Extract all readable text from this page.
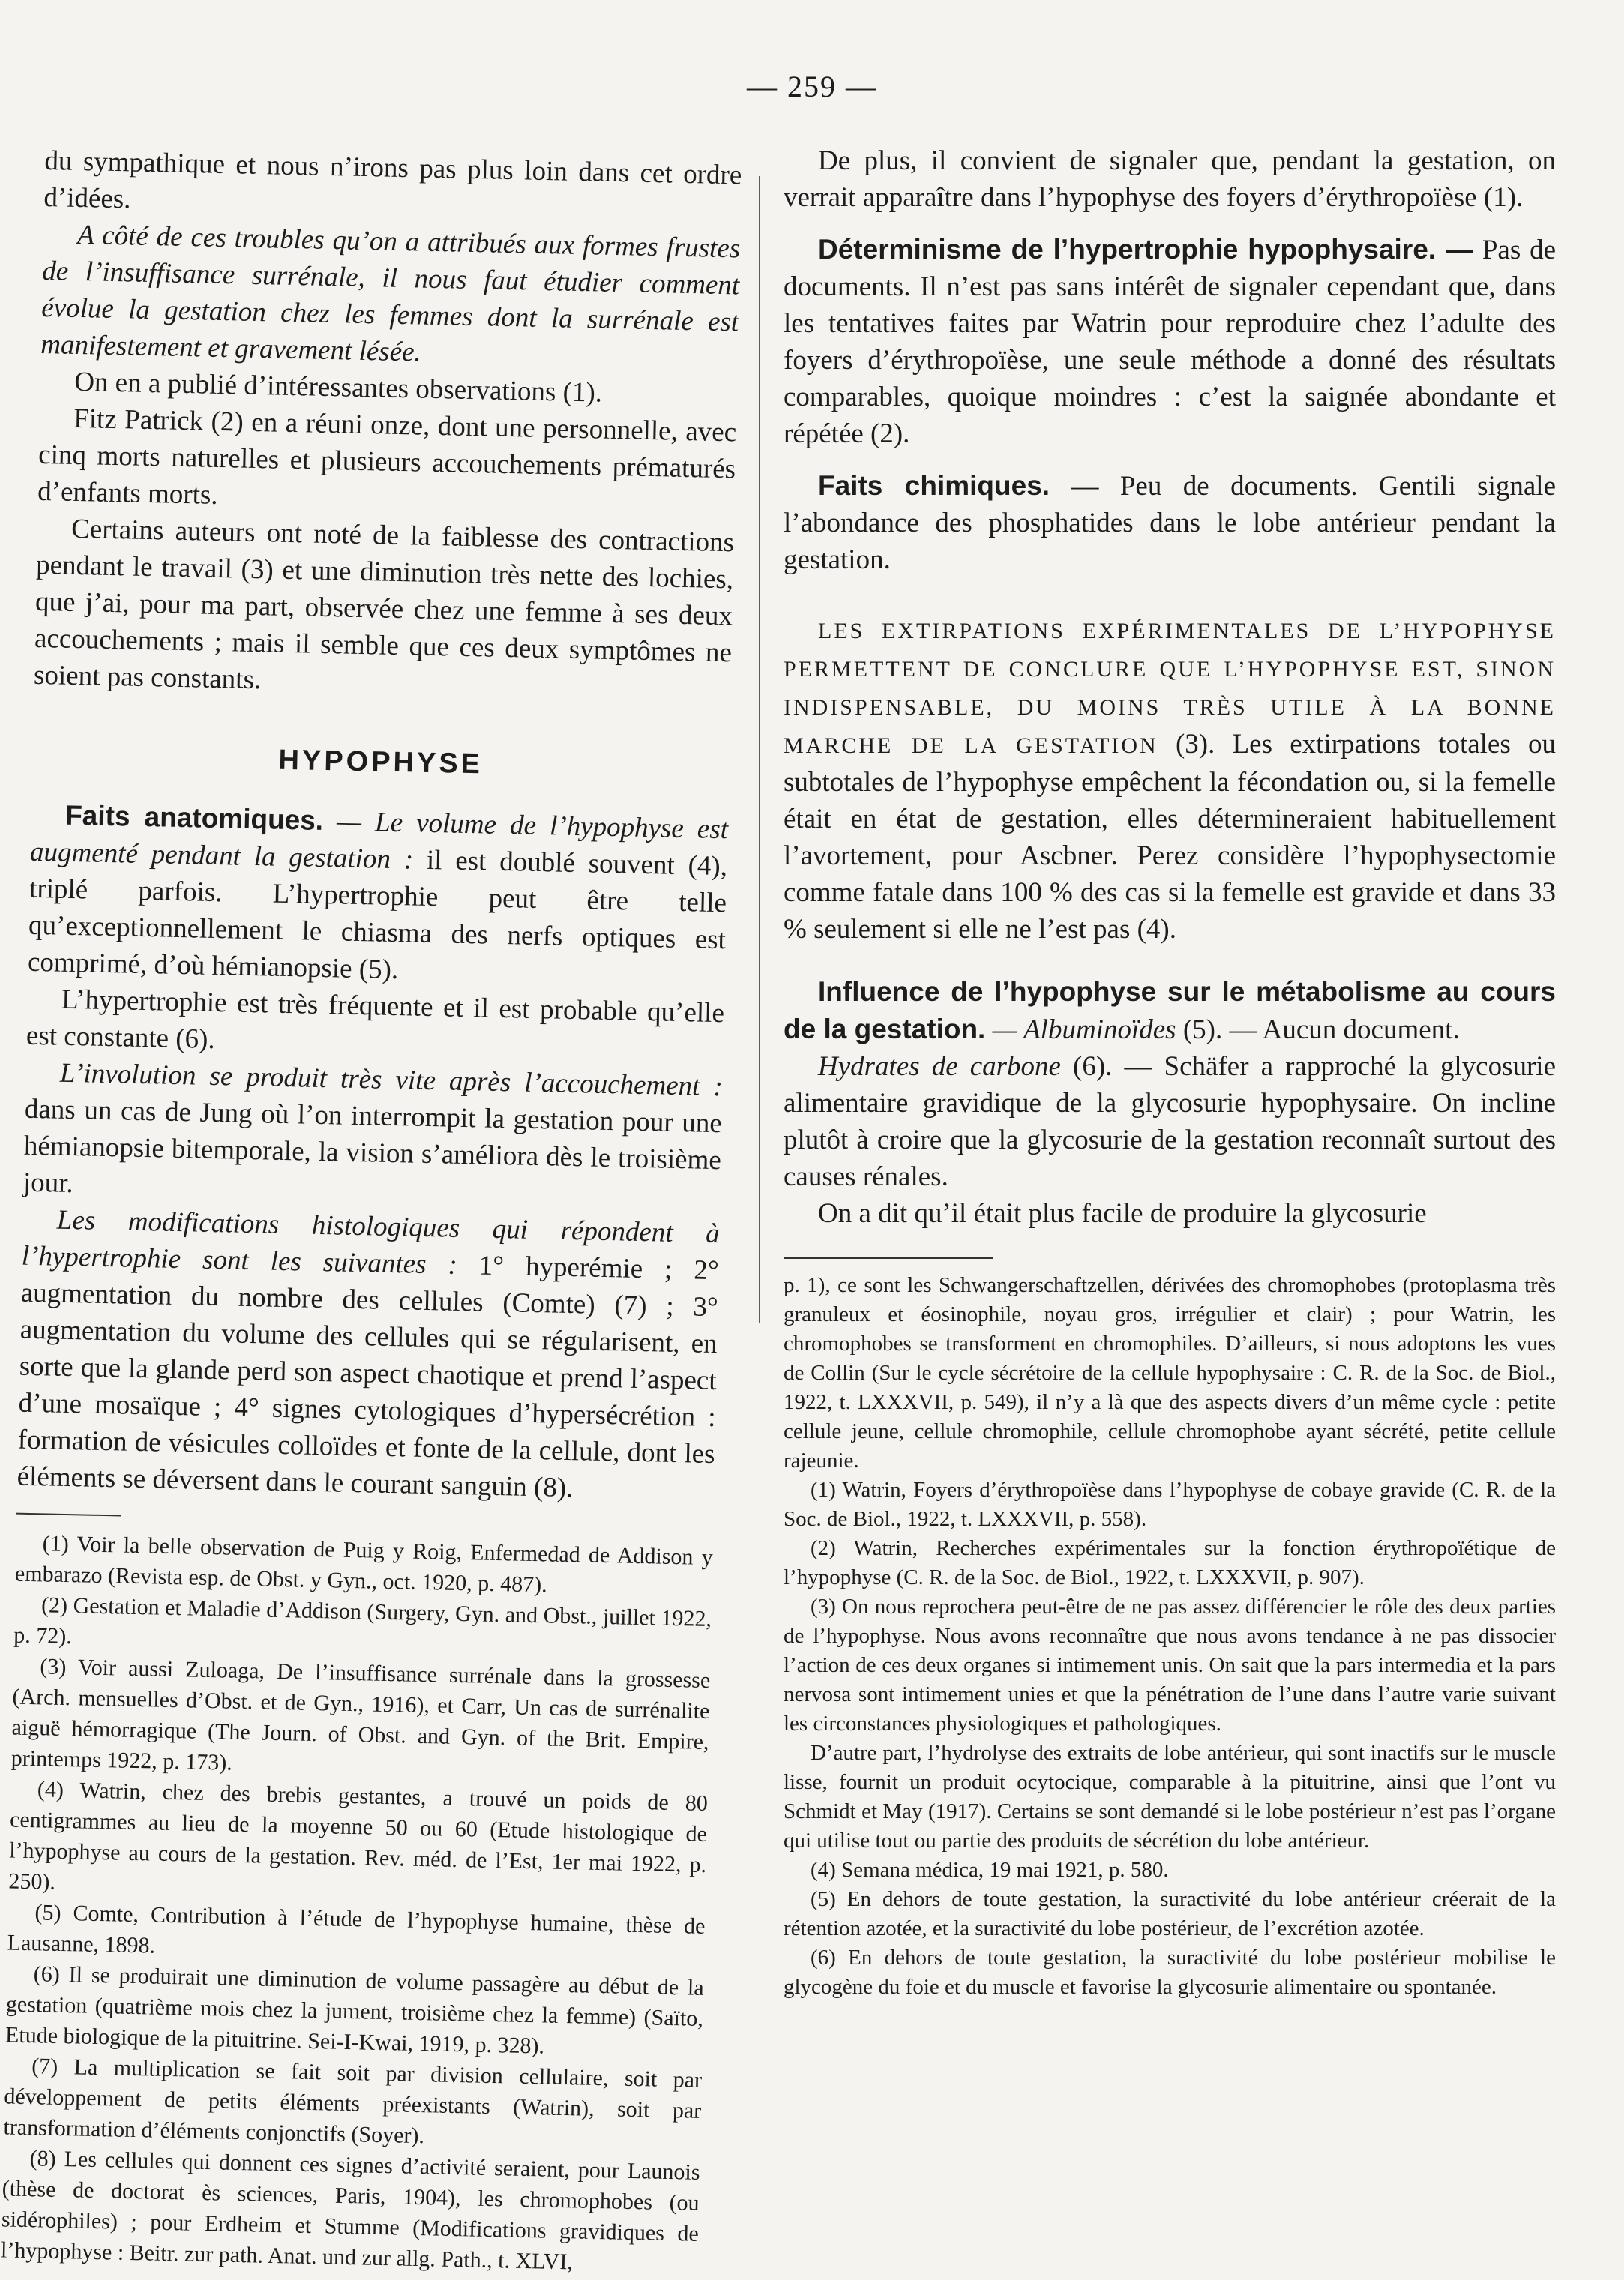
— 259 —

du sympathique et nous n’irons pas plus loin dans cet ordre d’idées.

A côté de ces troubles qu’on a attribués aux formes frustes de l’insuffisance surrénale, il nous faut étudier comment évolue la gestation chez les femmes dont la surrénale est manifestement et gravement lésée.

On en a publié d’intéressantes observations (1).

Fitz Patrick (2) en a réuni onze, dont une personnelle, avec cinq morts naturelles et plusieurs accouchements prématurés d’enfants morts.

Certains auteurs ont noté de la faiblesse des contractions pendant le travail (3) et une diminution très nette des lochies, que j’ai, pour ma part, observée chez une femme à ses deux accouchements ; mais il semble que ces deux symptômes ne soient pas constants.

HYPOPHYSE

Faits anatomiques. — Le volume de l’hypophyse est augmenté pendant la gestation : il est doublé souvent (4), triplé parfois. L’hypertrophie peut être telle qu’exceptionnellement le chiasma des nerfs optiques est comprimé, d’où hémianopsie (5).

L’hypertrophie est très fréquente et il est probable qu’elle est constante (6).

L’involution se produit très vite après l’accouchement : dans un cas de Jung où l’on interrompit la gestation pour une hémianopsie bitemporale, la vision s’améliora dès le troisième jour.

Les modifications histologiques qui répondent à l’hypertrophie sont les suivantes : 1° hyperémie ; 2° augmentation du nombre des cellules (Comte) (7) ; 3° augmentation du volume des cellules qui se régularisent, en sorte que la glande perd son aspect chaotique et prend l’aspect d’une mosaïque ; 4° signes cytologiques d’hypersécrétion : formation de vésicules colloïdes et fonte de la cellule, dont les éléments se déversent dans le courant sanguin (8).

(1) Voir la belle observation de Puig y Roig, Enfermedad de Addison y embarazo (Revista esp. de Obst. y Gyn., oct. 1920, p. 487).

(2) Gestation et Maladie d’Addison (Surgery, Gyn. and Obst., juillet 1922, p. 72).

(3) Voir aussi Zuloaga, De l’insuffisance surrénale dans la grossesse (Arch. mensuelles d’Obst. et de Gyn., 1916), et Carr, Un cas de surrénalite aiguë hémorragique (The Journ. of Obst. and Gyn. of the Brit. Empire, printemps 1922, p. 173).

(4) Watrin, chez des brebis gestantes, a trouvé un poids de 80 centigrammes au lieu de la moyenne 50 ou 60 (Etude histologique de l’hypophyse au cours de la gestation. Rev. méd. de l’Est, 1er mai 1922, p. 250).

(5) Comte, Contribution à l’étude de l’hypophyse humaine, thèse de Lausanne, 1898.

(6) Il se produirait une diminution de volume passagère au début de la gestation (quatrième mois chez la jument, troisième chez la femme) (Saïto, Etude biologique de la pituitrine. Sei-I-Kwai, 1919, p. 328).

(7) La multiplication se fait soit par division cellulaire, soit par développement de petits éléments préexistants (Watrin), soit par transformation d’éléments conjonctifs (Soyer).

(8) Les cellules qui donnent ces signes d’activité seraient, pour Launois (thèse de doctorat ès sciences, Paris, 1904), les chromophobes (ou sidérophiles) ; pour Erdheim et Stumme (Modifications gravidiques de l’hypophyse : Beitr. zur path. Anat. und zur allg. Path., t. XLVI,

De plus, il convient de signaler que, pendant la gestation, on verrait apparaître dans l’hypophyse des foyers d’érythropoïèse (1).

Déterminisme de l’hypertrophie hypophysaire. — Pas de documents. Il n’est pas sans intérêt de signaler cependant que, dans les tentatives faites par Watrin pour reproduire chez l’adulte des foyers d’érythropoïèse, une seule méthode a donné des résultats comparables, quoique moindres : c’est la saignée abondante et répétée (2).

Faits chimiques. — Peu de documents. Gentili signale l’abondance des phosphatides dans le lobe antérieur pendant la gestation.

LES EXTIRPATIONS EXPÉRIMENTALES DE L’HYPOPHYSE PERMETTENT DE CONCLURE QUE L’HYPOPHYSE EST, SINON INDISPENSABLE, DU MOINS TRÈS UTILE À LA BONNE MARCHE DE LA GESTATION (3). Les extirpations totales ou subtotales de l’hypophyse empêchent la fécondation ou, si la femelle était en état de gestation, elles détermineraient habituellement l’avortement, pour Ascbner. Perez considère l’hypophysectomie comme fatale dans 100 % des cas si la femelle est gravide et dans 33 % seulement si elle ne l’est pas (4).

Influence de l’hypophyse sur le métabolisme au cours de la gestation. — Albuminoïdes (5). — Aucun document.

Hydrates de carbone (6). — Schäfer a rapproché la glycosurie alimentaire gravidique de la glycosurie hypophysaire. On incline plutôt à croire que la glycosurie de la gestation reconnaît surtout des causes rénales.

On a dit qu’il était plus facile de produire la glycosurie

p. 1), ce sont les Schwangerschaftzellen, dérivées des chromophobes (protoplasma très granuleux et éosinophile, noyau gros, irrégulier et clair) ; pour Watrin, les chromophobes se transforment en chromophiles. D’ailleurs, si nous adoptons les vues de Collin (Sur le cycle sécrétoire de la cellule hypophysaire : C. R. de la Soc. de Biol., 1922, t. LXXXVII, p. 549), il n’y a là que des aspects divers d’un même cycle : petite cellule jeune, cellule chromophile, cellule chromophobe ayant sécrété, petite cellule rajeunie.

(1) Watrin, Foyers d’érythropoïèse dans l’hypophyse de cobaye gravide (C. R. de la Soc. de Biol., 1922, t. LXXXVII, p. 558).

(2) Watrin, Recherches expérimentales sur la fonction érythropoïétique de l’hypophyse (C. R. de la Soc. de Biol., 1922, t. LXXXVII, p. 907).

(3) On nous reprochera peut-être de ne pas assez différencier le rôle des deux parties de l’hypophyse. Nous avons reconnaître que nous avons tendance à ne pas dissocier l’action de ces deux organes si intimement unis. On sait que la pars intermedia et la pars nervosa sont intimement unies et que la pénétration de l’une dans l’autre varie suivant les circonstances physiologiques et pathologiques.

D’autre part, l’hydrolyse des extraits de lobe antérieur, qui sont inactifs sur le muscle lisse, fournit un produit ocytocique, comparable à la pituitrine, ainsi que l’ont vu Schmidt et May (1917). Certains se sont demandé si le lobe postérieur n’est pas l’organe qui utilise tout ou partie des produits de sécrétion du lobe antérieur.

(4) Semana médica, 19 mai 1921, p. 580.

(5) En dehors de toute gestation, la suractivité du lobe antérieur créerait de la rétention azotée, et la suractivité du lobe postérieur, de l’excrétion azotée.

(6) En dehors de toute gestation, la suractivité du lobe postérieur mobilise le glycogène du foie et du muscle et favorise la glycosurie alimentaire ou spontanée.
